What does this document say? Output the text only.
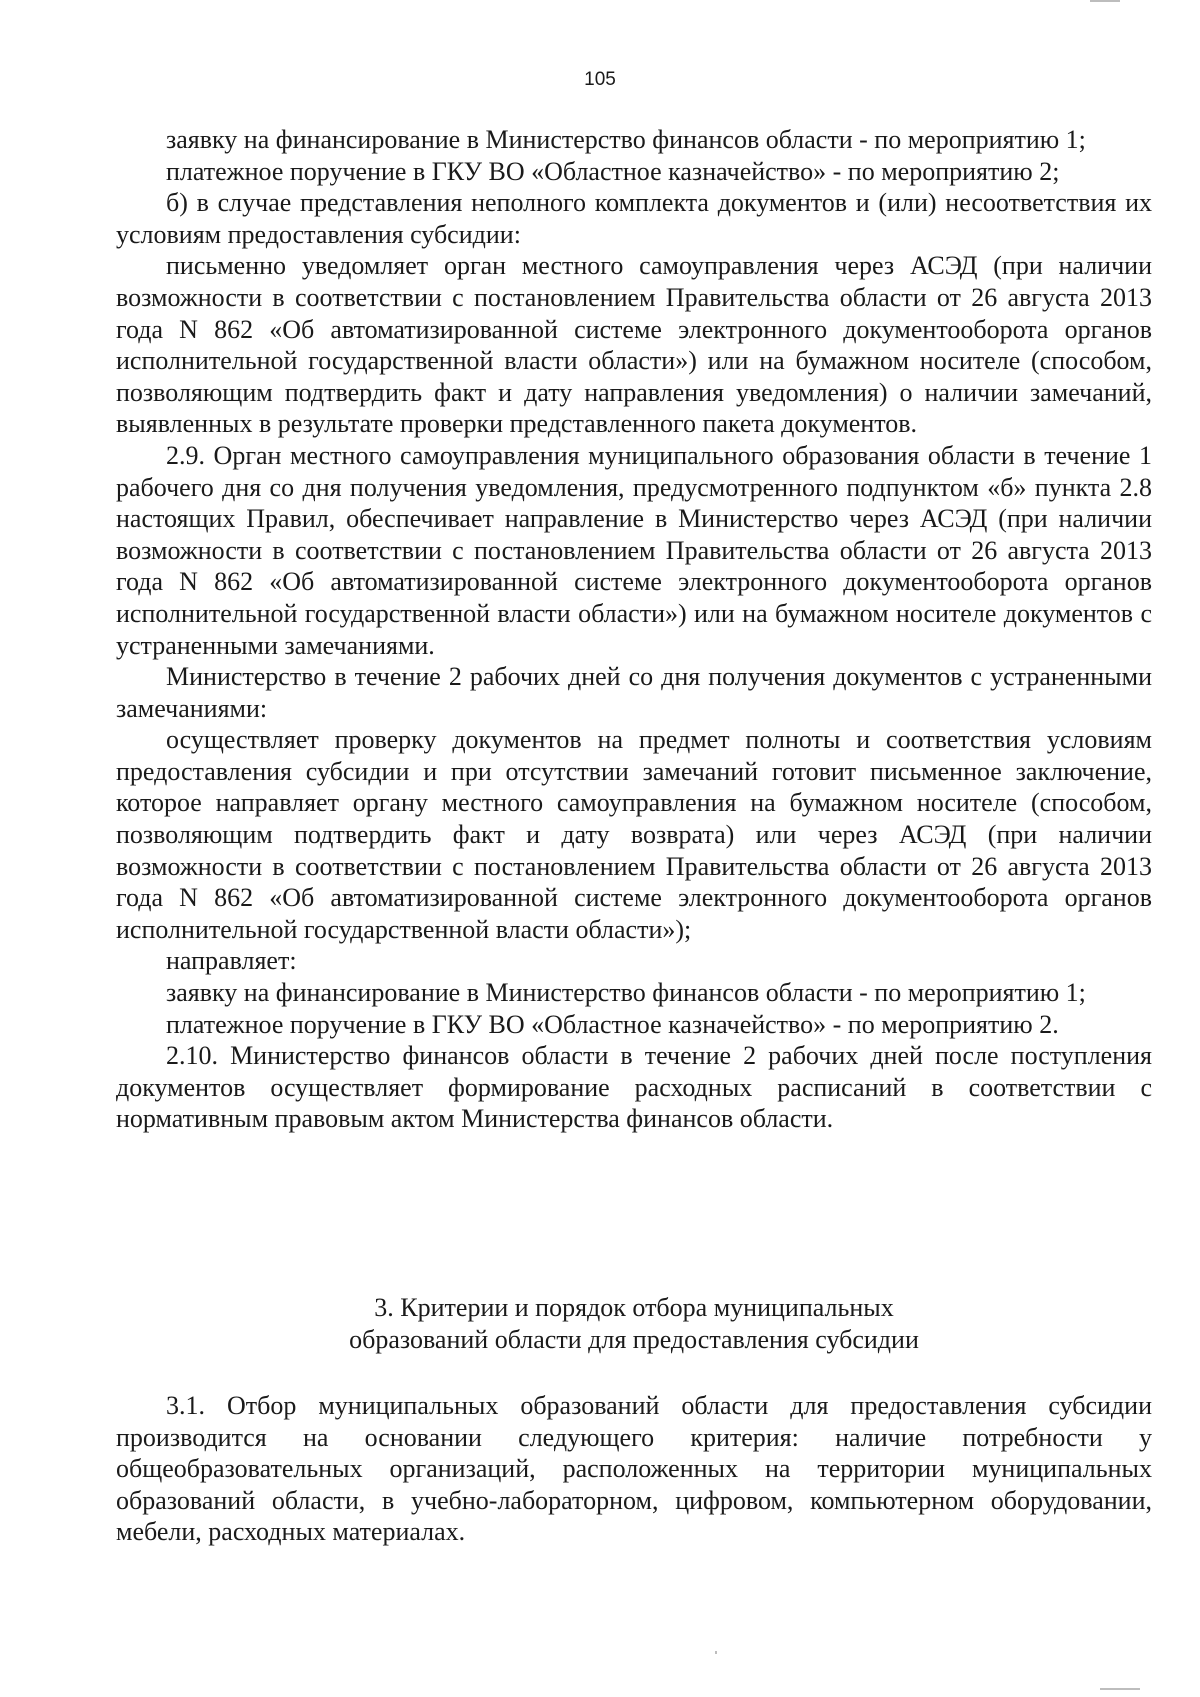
105

заявку на финансирование в Министерство финансов области - по мероприятию 1;

платежное поручение в ГКУ ВО «Областное казначейство» - по мероприятию 2;

б) в случае представления неполного комплекта документов и (или) несоответствия их условиям предоставления субсидии:

письменно уведомляет орган местного самоуправления через АСЭД (при наличии возможности в соответствии с постановлением Правительства области от 26 августа 2013 года N 862 «Об автоматизированной системе электронного документооборота органов исполнительной государственной власти области») или на бумажном носителе (способом, позволяющим подтвердить факт и дату направления уведомления) о наличии замечаний, выявленных в результате проверки представленного пакета документов.

2.9. Орган местного самоуправления муниципального образования области в течение 1 рабочего дня со дня получения уведомления, предусмотренного подпунктом «б» пункта 2.8 настоящих Правил, обеспечивает направление в Министерство через АСЭД (при наличии возможности в соответствии с постановлением Правительства области от 26 августа 2013 года N 862 «Об автоматизированной системе электронного документооборота органов исполнительной государственной власти области») или на бумажном носителе документов с устраненными замечаниями.

Министерство в течение 2 рабочих дней со дня получения документов с устраненными замечаниями:

осуществляет проверку документов на предмет полноты и соответствия условиям предоставления субсидии и при отсутствии замечаний готовит письменное заключение, которое направляет органу местного самоуправления на бумажном носителе (способом, позволяющим подтвердить факт и дату возврата) или через АСЭД (при наличии возможности в соответствии с постановлением Правительства области от 26 августа 2013 года N 862 «Об автоматизированной системе электронного документооборота органов исполнительной государственной власти области»);

направляет:

заявку на финансирование в Министерство финансов области - по мероприятию 1;

платежное поручение в ГКУ ВО «Областное казначейство» - по мероприятию 2.

2.10. Министерство финансов области в течение 2 рабочих дней после поступления документов осуществляет формирование расходных расписаний в соответствии с нормативным правовым актом Министерства финансов области.

3. Критерии и порядок отбора муниципальных

образований области для предоставления субсидии

3.1. Отбор муниципальных образований области для предоставления субсидии производится на основании следующего критерия: наличие потребности у общеобразовательных организаций, расположенных на территории муниципальных образований области, в учебно-лабораторном, цифровом, компьютерном оборудовании, мебели, расходных материалах.
